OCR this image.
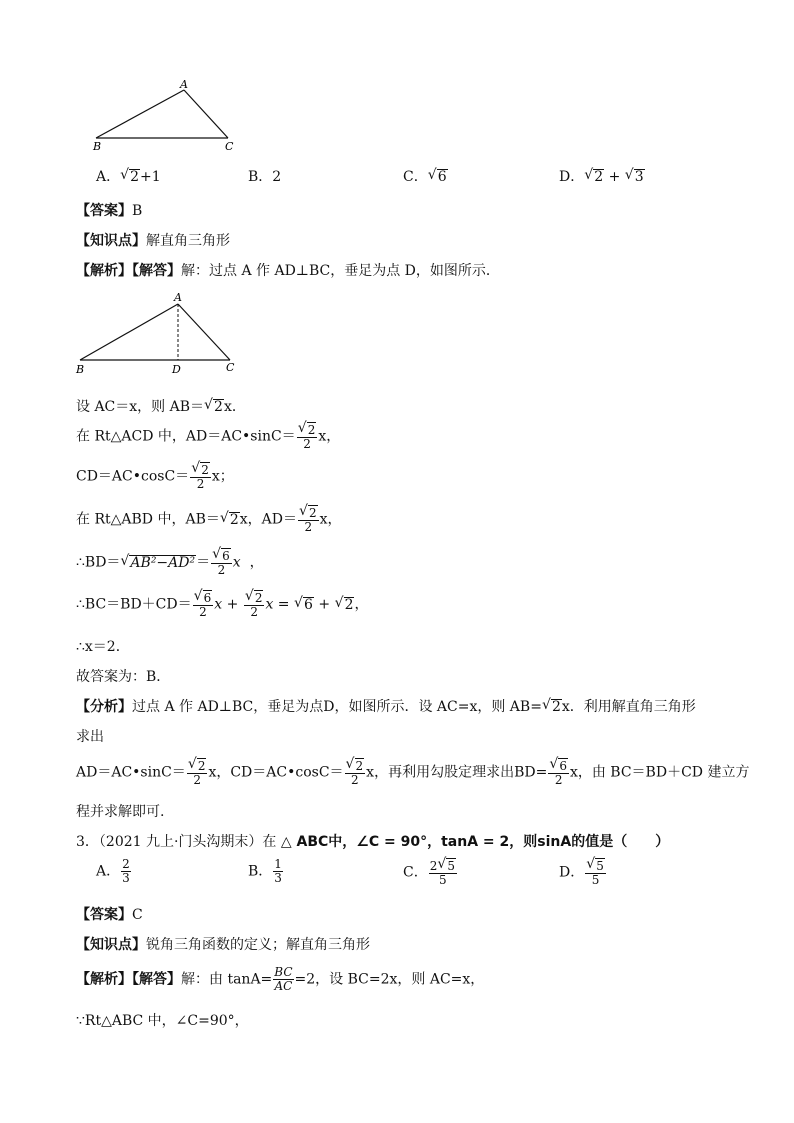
A
B	C
A． √ 2+1	B．2	C． √ 6	D． √ 2 + √ 3
【答案】B
【知识点】解直角三角形
【解析】【解答】解：过点 A 作 AD⊥BC，垂足为点 D，如图所示．
A
B	D	C
设 AC＝x，则 AB＝ √ 2x．
在 Rt△ACD 中，AD＝AC•sinC＝ √ $\frac{2}{2}$ x，
CD＝AC•cosC＝ √ $\frac{2}{2}$ x；
在 Rt△ABD 中，AB＝ √ 2x，AD＝ √ $\frac{2}{2}$ x，
∴BD＝ √ AB²−AD²＝ √ $\frac{6}{2}$ x ，
∴BC＝BD＋CD＝ √ $\frac{6}{2}$ x + √ $\frac{2}{2}$ x = √ 6 + √ 2，
∴x＝2．
故答案为：B．
【分析】过点 A 作 AD⊥BC，垂足为点D，如图所示．设 AC=x，则 AB= √ 2x．利用解直角三角形
求出
AD＝AC•sinC＝ √ $\frac{2}{2}$ x，CD＝AC•cosC＝ √ $\frac{2}{2}$ x，再利用勾股定理求出BD= √ $\frac{6}{2}$ x，由 BC＝BD＋CD 建立方
程并求解即可.
3．（2021 九上·门头沟期末）在 △ ABC中，∠C = 90°，tanA = 2，则sinA的值是（　　）
A． $\frac{2}{3}$	B． $\frac{1}{3}$	C． $\frac{2 √ 5}{5}$	D． √ $\frac{5}{5}$
【答案】C
【知识点】锐角三角函数的定义；解直角三角形
【解析】【解答】解：由 $\tan A= \frac{BC}{AC} =2$，设 BC=2x，则 AC=x，
∵Rt△ABC 中，∠C=90°，
